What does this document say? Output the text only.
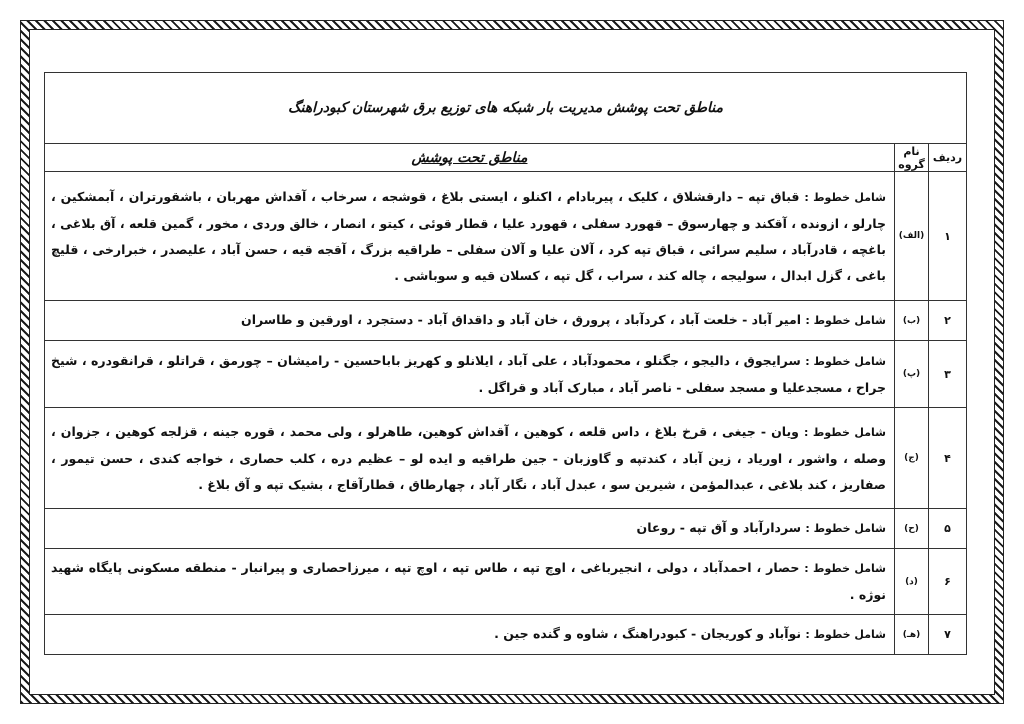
مناطق تحت پوشش مدیریت بار شبکه های توزیع برق شهرستان کبودراهنگ		
ردیف	نام گروه	مناطق تحت پوشش
۱	(الف)	شامل خطوط : قباق تپه – دارقشلاق ، کلیک ، پیربادام ، اکنلو ، ایستی بلاغ ، قوشجه ، سرخاب ، آقداش مهربان ، باشقورتران ، آبمشکین ، چارلو ، ازونده ، آقکند و چهارسوق – قهورد سفلی ، قهورد علیا ، قطار قوئی ، کیتو ، انصار ، خالق وردی ، مخور ، گمین قلعه ، آق بلاغی ، باغچه ، قادرآباد ، سلیم سرائی ، قباق تپه کرد ، آلان علیا و آلان سفلی – طراقیه بزرگ ، آقجه قیه ، حسن آباد ، علیصدر ، خبرارخی ، قلیچ باغی ، گزل ابدال ، سولیجه ، چاله کند ، سراب ، گل تپه ، کسلان قیه و سوباشی .
۲	(ب)	شامل خطوط : امیر آباد - خلعت آباد ، کردآباد ، پرورق ، خان آباد و داقداق آباد - دستجرد ، اورقین و طاسران
۳	(پ)	شامل خطوط : سرایجوق ، دالیجو ، جگنلو ، محمودآباد ، علی آباد ، ایلانلو و کهریز باباحسین - رامیشان – چورمق ، قراتلو ، قرانقودره ، شیخ جراح ، مسجدعلیا و مسجد سفلی - ناصر آباد ، مبارک آباد و قراگل .
۴	(ج)	شامل خطوط : ویان - جیغی ، قرخ بلاغ ، داس قلعه ، کوهین ، آقداش کوهین، طاهرلو ، ولی محمد ، قوره جینه ، قزلجه کوهین ، جزوان ، وصله ، واشور ، اوریاد ، زین آباد ، کندتپه و گاوزبان - جین طراقیه و ایده لو – عظیم دره ، کلب حصاری ، خواجه کندی ، حسن تیمور ، صفاریز ، کند بلاغی ، عبدالمؤمن ، شیرین سو ، عبدل آباد ، نگار آباد ، چهارطاق ، قطارآقاج ، بشیک تپه و آق بلاغ .
۵	(ح)	شامل خطوط : سردارآباد و آق تپه - روعان
۶	(د)	شامل خطوط : حصار ، احمدآباد ، دولی ، انجیرباغی ، اوچ تپه ، طاس تپه ، اوچ تپه ، میرزاحصاری و پیرانبار - منطقه مسکونی پایگاه شهید نوژه .
۷	(هـ)	شامل خطوط : نوآباد و کوریجان - کبودراهنگ ، شاوه و گنده جین .
